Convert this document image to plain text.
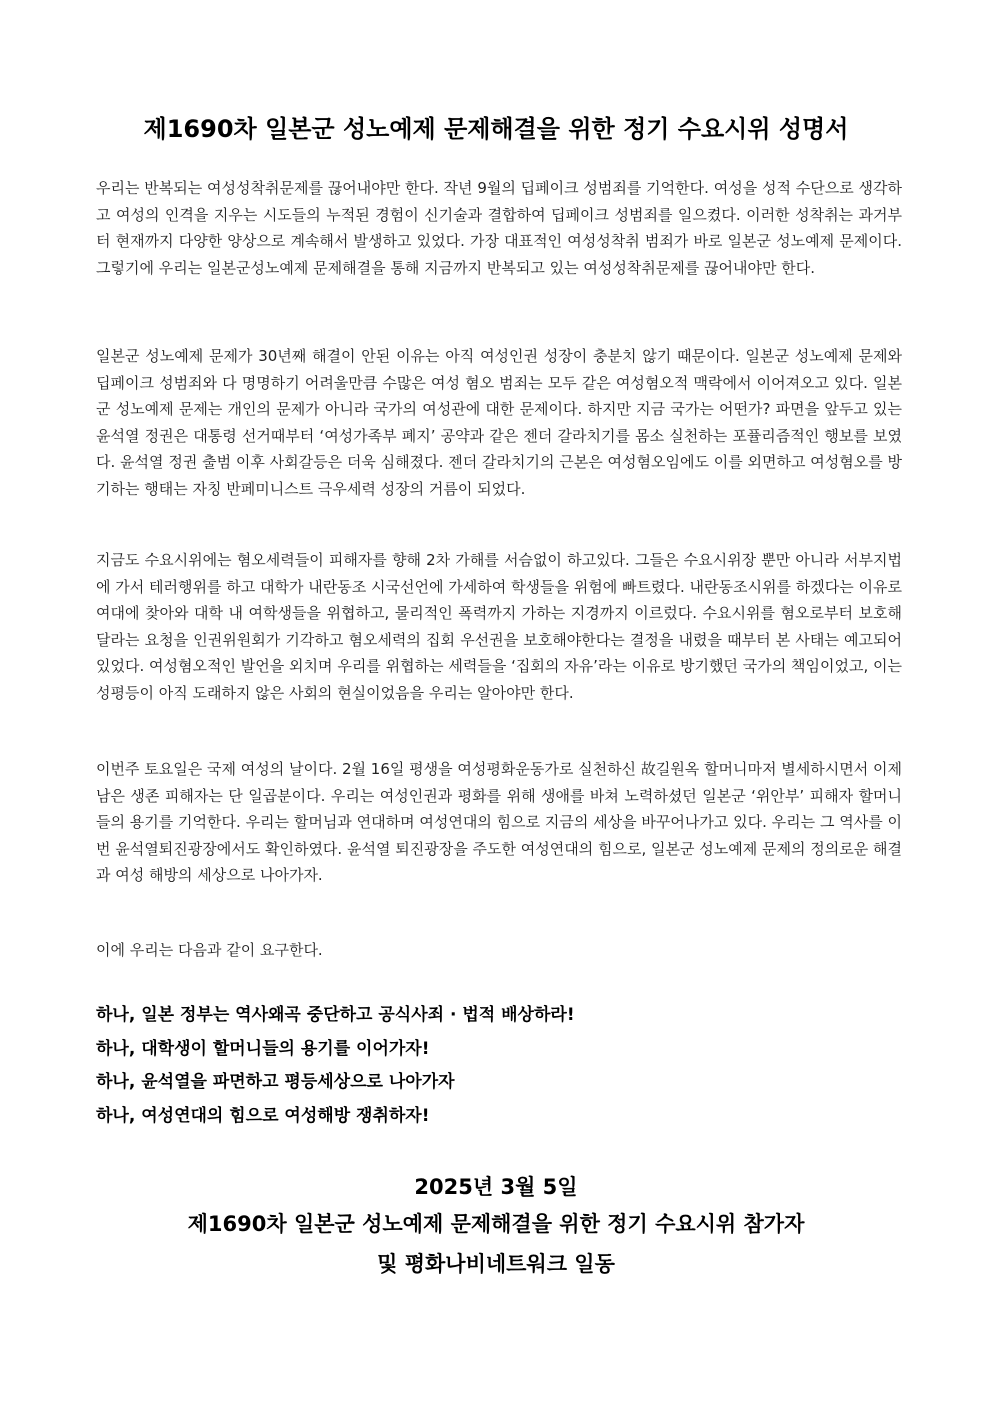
제1690차 일본군 성노예제 문제해결을 위한 정기 수요시위 성명서

우리는 반복되는 여성성착취문제를 끊어내야만 한다. 작년 9월의 딥페이크 성범죄를 기억한다. 여성을 성적 수단으로 생각하고 여성의 인격을 지우는 시도들의 누적된 경험이 신기술과 결합하여 딥페이크 성범죄를 일으켰다. 이러한 성착취는 과거부터 현재까지 다양한 양상으로 계속해서 발생하고 있었다. 가장 대표적인 여성성착취 범죄가 바로 일본군 성노예제 문제이다. 그렇기에 우리는 일본군성노예제 문제해결을 통해 지금까지 반복되고 있는 여성성착취문제를 끊어내야만 한다.

일본군 성노예제 문제가 30년째 해결이 안된 이유는 아직 여성인권 성장이 충분치 않기 때문이다. 일본군 성노예제 문제와 딥페이크 성범죄와 다 명명하기 어려울만큼 수많은 여성 혐오 범죄는 모두 같은 여성혐오적 맥락에서 이어져오고 있다. 일본군 성노예제 문제는 개인의 문제가 아니라 국가의 여성관에 대한 문제이다. 하지만 지금 국가는 어떤가? 파면을 앞두고 있는 윤석열 정권은 대통령 선거때부터 ‘여성가족부 폐지’ 공약과 같은 젠더 갈라치기를 몸소 실천하는 포퓰리즘적인 행보를 보였다. 윤석열 정권 출범 이후 사회갈등은 더욱 심해졌다. 젠더 갈라치기의 근본은 여성혐오임에도 이를 외면하고 여성혐오를 방기하는 행태는 자칭 반페미니스트 극우세력 성장의 거름이 되었다.

지금도 수요시위에는 혐오세력들이 피해자를 향해 2차 가해를 서슴없이 하고있다. 그들은 수요시위장 뿐만 아니라 서부지법에 가서 테러행위를 하고 대학가 내란동조 시국선언에 가세하여 학생들을 위험에 빠트렸다. 내란동조시위를 하겠다는 이유로 여대에 찾아와 대학 내 여학생들을 위협하고, 물리적인 폭력까지 가하는 지경까지 이르렀다. 수요시위를 혐오로부터 보호해달라는 요청을 인권위원회가 기각하고 혐오세력의 집회 우선권을 보호해야한다는 결정을 내렸을 때부터 본 사태는 예고되어있었다. 여성혐오적인 발언을 외치며 우리를 위협하는 세력들을 ‘집회의 자유’라는 이유로 방기했던 국가의 책임이었고, 이는 성평등이 아직 도래하지 않은 사회의 현실이었음을 우리는 알아야만 한다.

이번주 토요일은 국제 여성의 날이다. 2월 16일 평생을 여성평화운동가로 실천하신 故길원옥 할머니마저 별세하시면서 이제 남은 생존 피해자는 단 일곱분이다. 우리는 여성인권과 평화를 위해 생애를 바쳐 노력하셨던 일본군 ‘위안부’ 피해자 할머니들의 용기를 기억한다. 우리는 할머님과 연대하며 여성연대의 힘으로 지금의 세상을 바꾸어나가고 있다. 우리는 그 역사를 이번 윤석열퇴진광장에서도 확인하였다. 윤석열 퇴진광장을 주도한 여성연대의 힘으로, 일본군 성노예제 문제의 정의로운 해결과 여성 해방의 세상으로 나아가자.

이에 우리는 다음과 같이 요구한다.

하나, 일본 정부는 역사왜곡 중단하고 공식사죄 · 법적 배상하라!
하나, 대학생이 할머니들의 용기를 이어가자!
하나, 윤석열을 파면하고 평등세상으로 나아가자
하나, 여성연대의 힘으로 여성해방 쟁취하자!

2025년 3월 5일

제1690차 일본군 성노예제 문제해결을 위한 정기 수요시위 참가자

및 평화나비네트워크 일동
